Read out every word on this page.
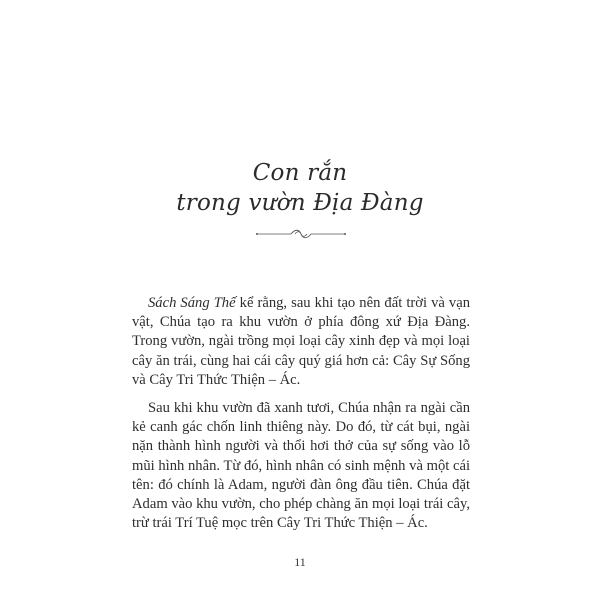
Con rắn
trong vườn Địa Đàng

Sách Sáng Thế kể rằng, sau khi tạo nên đất trời và vạn vật, Chúa tạo ra khu vườn ở phía đông xứ Địa Đàng. Trong vườn, ngài trồng mọi loại cây xinh đẹp và mọi loại cây ăn trái, cùng hai cái cây quý giá hơn cả: Cây Sự Sống và Cây Tri Thức Thiện – Ác.

Sau khi khu vườn đã xanh tươi, Chúa nhận ra ngài cần kẻ canh gác chốn linh thiêng này. Do đó, từ cát bụi, ngài nặn thành hình người và thổi hơi thở của sự sống vào lỗ mũi hình nhân. Từ đó, hình nhân có sinh mệnh và một cái tên: đó chính là Adam, người đàn ông đầu tiên. Chúa đặt Adam vào khu vườn, cho phép chàng ăn mọi loại trái cây, trừ trái Trí Tuệ mọc trên Cây Tri Thức Thiện – Ác.

11
